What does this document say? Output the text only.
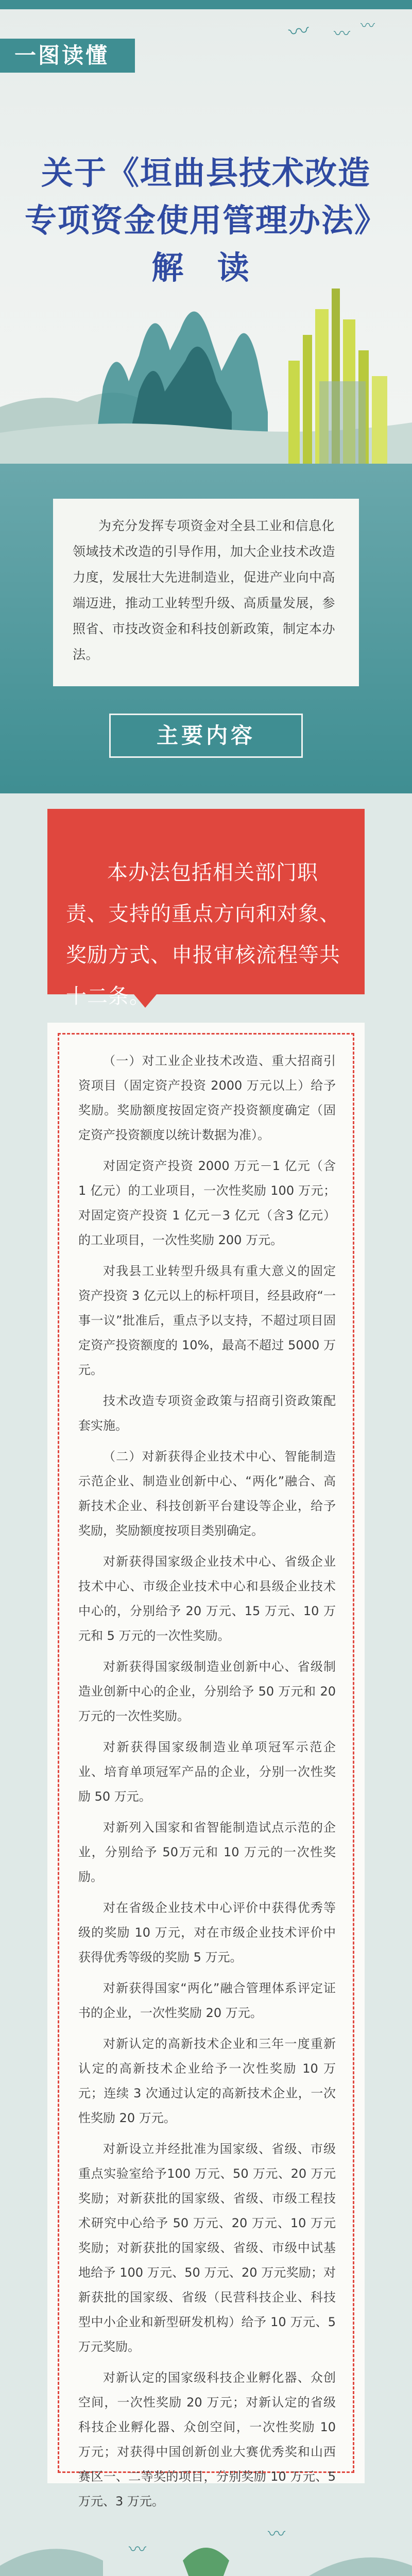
一图读懂
〰 〰 〰
关于《垣曲县技术改造
专项资金使用管理办法》
解 读

为充分发挥专项资金对全县工业和信息化领域技术改造的引导作用，加大企业技术改造力度，发展壮大先进制造业，促进产业向中高端迈进，推动工业转型升级、高质量发展，参照省、市技改资金和科技创新政策，制定本办法。

主要内容

本办法包括相关部门职责、支持的重点方向和对象、奖励方式、申报审核流程等共十二条。

（一）对工业企业技术改造、重大招商引资项目（固定资产投资 2000 万元以上）给予奖励。奖励额度按固定资产投资额度确定（固定资产投资额度以统计数据为准）。

对固定资产投资 2000 万元－1 亿元（含 1 亿元）的工业项目，一次性奖励 100 万元；对固定资产投资 1 亿元－3 亿元（含3 亿元）的工业项目，一次性奖励 200 万元。

对我县工业转型升级具有重大意义的固定资产投资 3 亿元以上的标杆项目，经县政府“一事一议”批准后，重点予以支持，不超过项目固定资产投资额度的 10%，最高不超过 5000 万元。

技术改造专项资金政策与招商引资政策配套实施。

（二）对新获得企业技术中心、智能制造示范企业、制造业创新中心、“两化”融合、高新技术企业、科技创新平台建设等企业，给予奖励，奖励额度按项目类别确定。

对新获得国家级企业技术中心、省级企业技术中心、市级企业技术中心和县级企业技术中心的，分别给予 20 万元、15 万元、10 万元和 5 万元的一次性奖励。

对新获得国家级制造业创新中心、省级制造业创新中心的企业，分别给予 50 万元和 20 万元的一次性奖励。

对新获得国家级制造业单项冠军示范企业、培育单项冠军产品的企业，分别一次性奖励 50 万元。

对新列入国家和省智能制造试点示范的企业，分别给予 50万元和 10 万元的一次性奖励。

对在省级企业技术中心评价中获得优秀等级的奖励 10 万元，对在市级企业技术评价中获得优秀等级的奖励 5 万元。

对新获得国家“两化”融合管理体系评定证书的企业，一次性奖励 20 万元。

对新认定的高新技术企业和三年一度重新认定的高新技术企业给予一次性奖励 10 万元；连续 3 次通过认定的高新技术企业，一次性奖励 20 万元。

对新设立并经批准为国家级、省级、市级重点实验室给予100 万元、50 万元、20 万元奖励；对新获批的国家级、省级、市级工程技术研究中心给予 50 万元、20 万元、10 万元奖励；对新获批的国家级、省级、市级中试基地给予 100 万元、50 万元、20 万元奖励；对新获批的国家级、省级（民营科技企业、科技型中小企业和新型研发机构）给予 10 万元、5 万元奖励。

对新认定的国家级科技企业孵化器、众创空间，一次性奖励 20 万元；对新认定的省级科技企业孵化器、众创空间，一次性奖励 10 万元；对获得中国创新创业大赛优秀奖和山西赛区一、二等奖的项目，分别奖励 10 万元、5 万元、3 万元。

〰
〰
